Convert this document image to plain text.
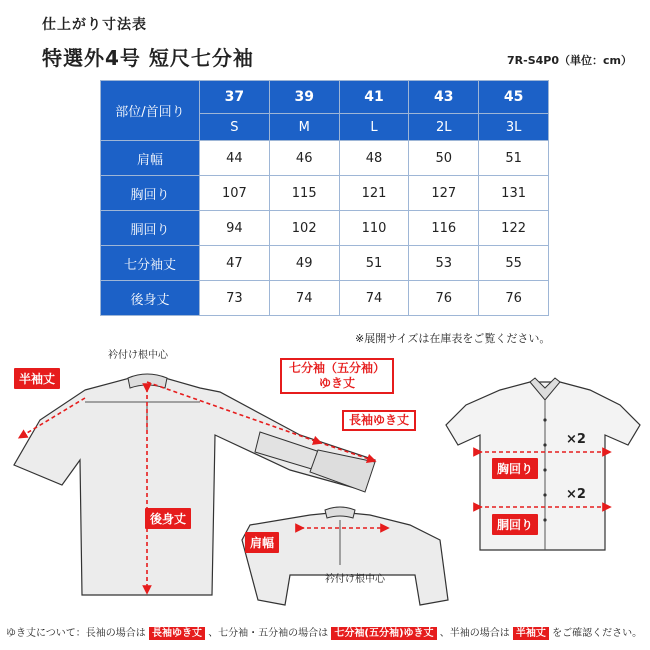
仕上がり寸法表
特選外4号 短尺七分袖	7R-S4P0（単位：cm）
部位/首回り	37	39	41	43	45
	S	M	L	2L	3L
肩幅	44	46	48	50	51
胸回り	107	115	121	127	131
胴回り	94	102	110	116	122
七分袖丈	47	49	51	53	55
後身丈	73	74	74	76	76
※展開サイズは在庫表をご覧ください。
衿付け根中心
半袖丈
七分袖（五分袖）
ゆき丈
長袖ゆき丈
後身丈
肩幅
衿付け根中心
胸回り
胴回り
×2
×2
ゆき丈について：長袖の場合は 長袖ゆき丈 、七分袖・五分袖の場合は 七分袖(五分袖)ゆき丈 、半袖の場合は 半袖丈 をご確認ください。
